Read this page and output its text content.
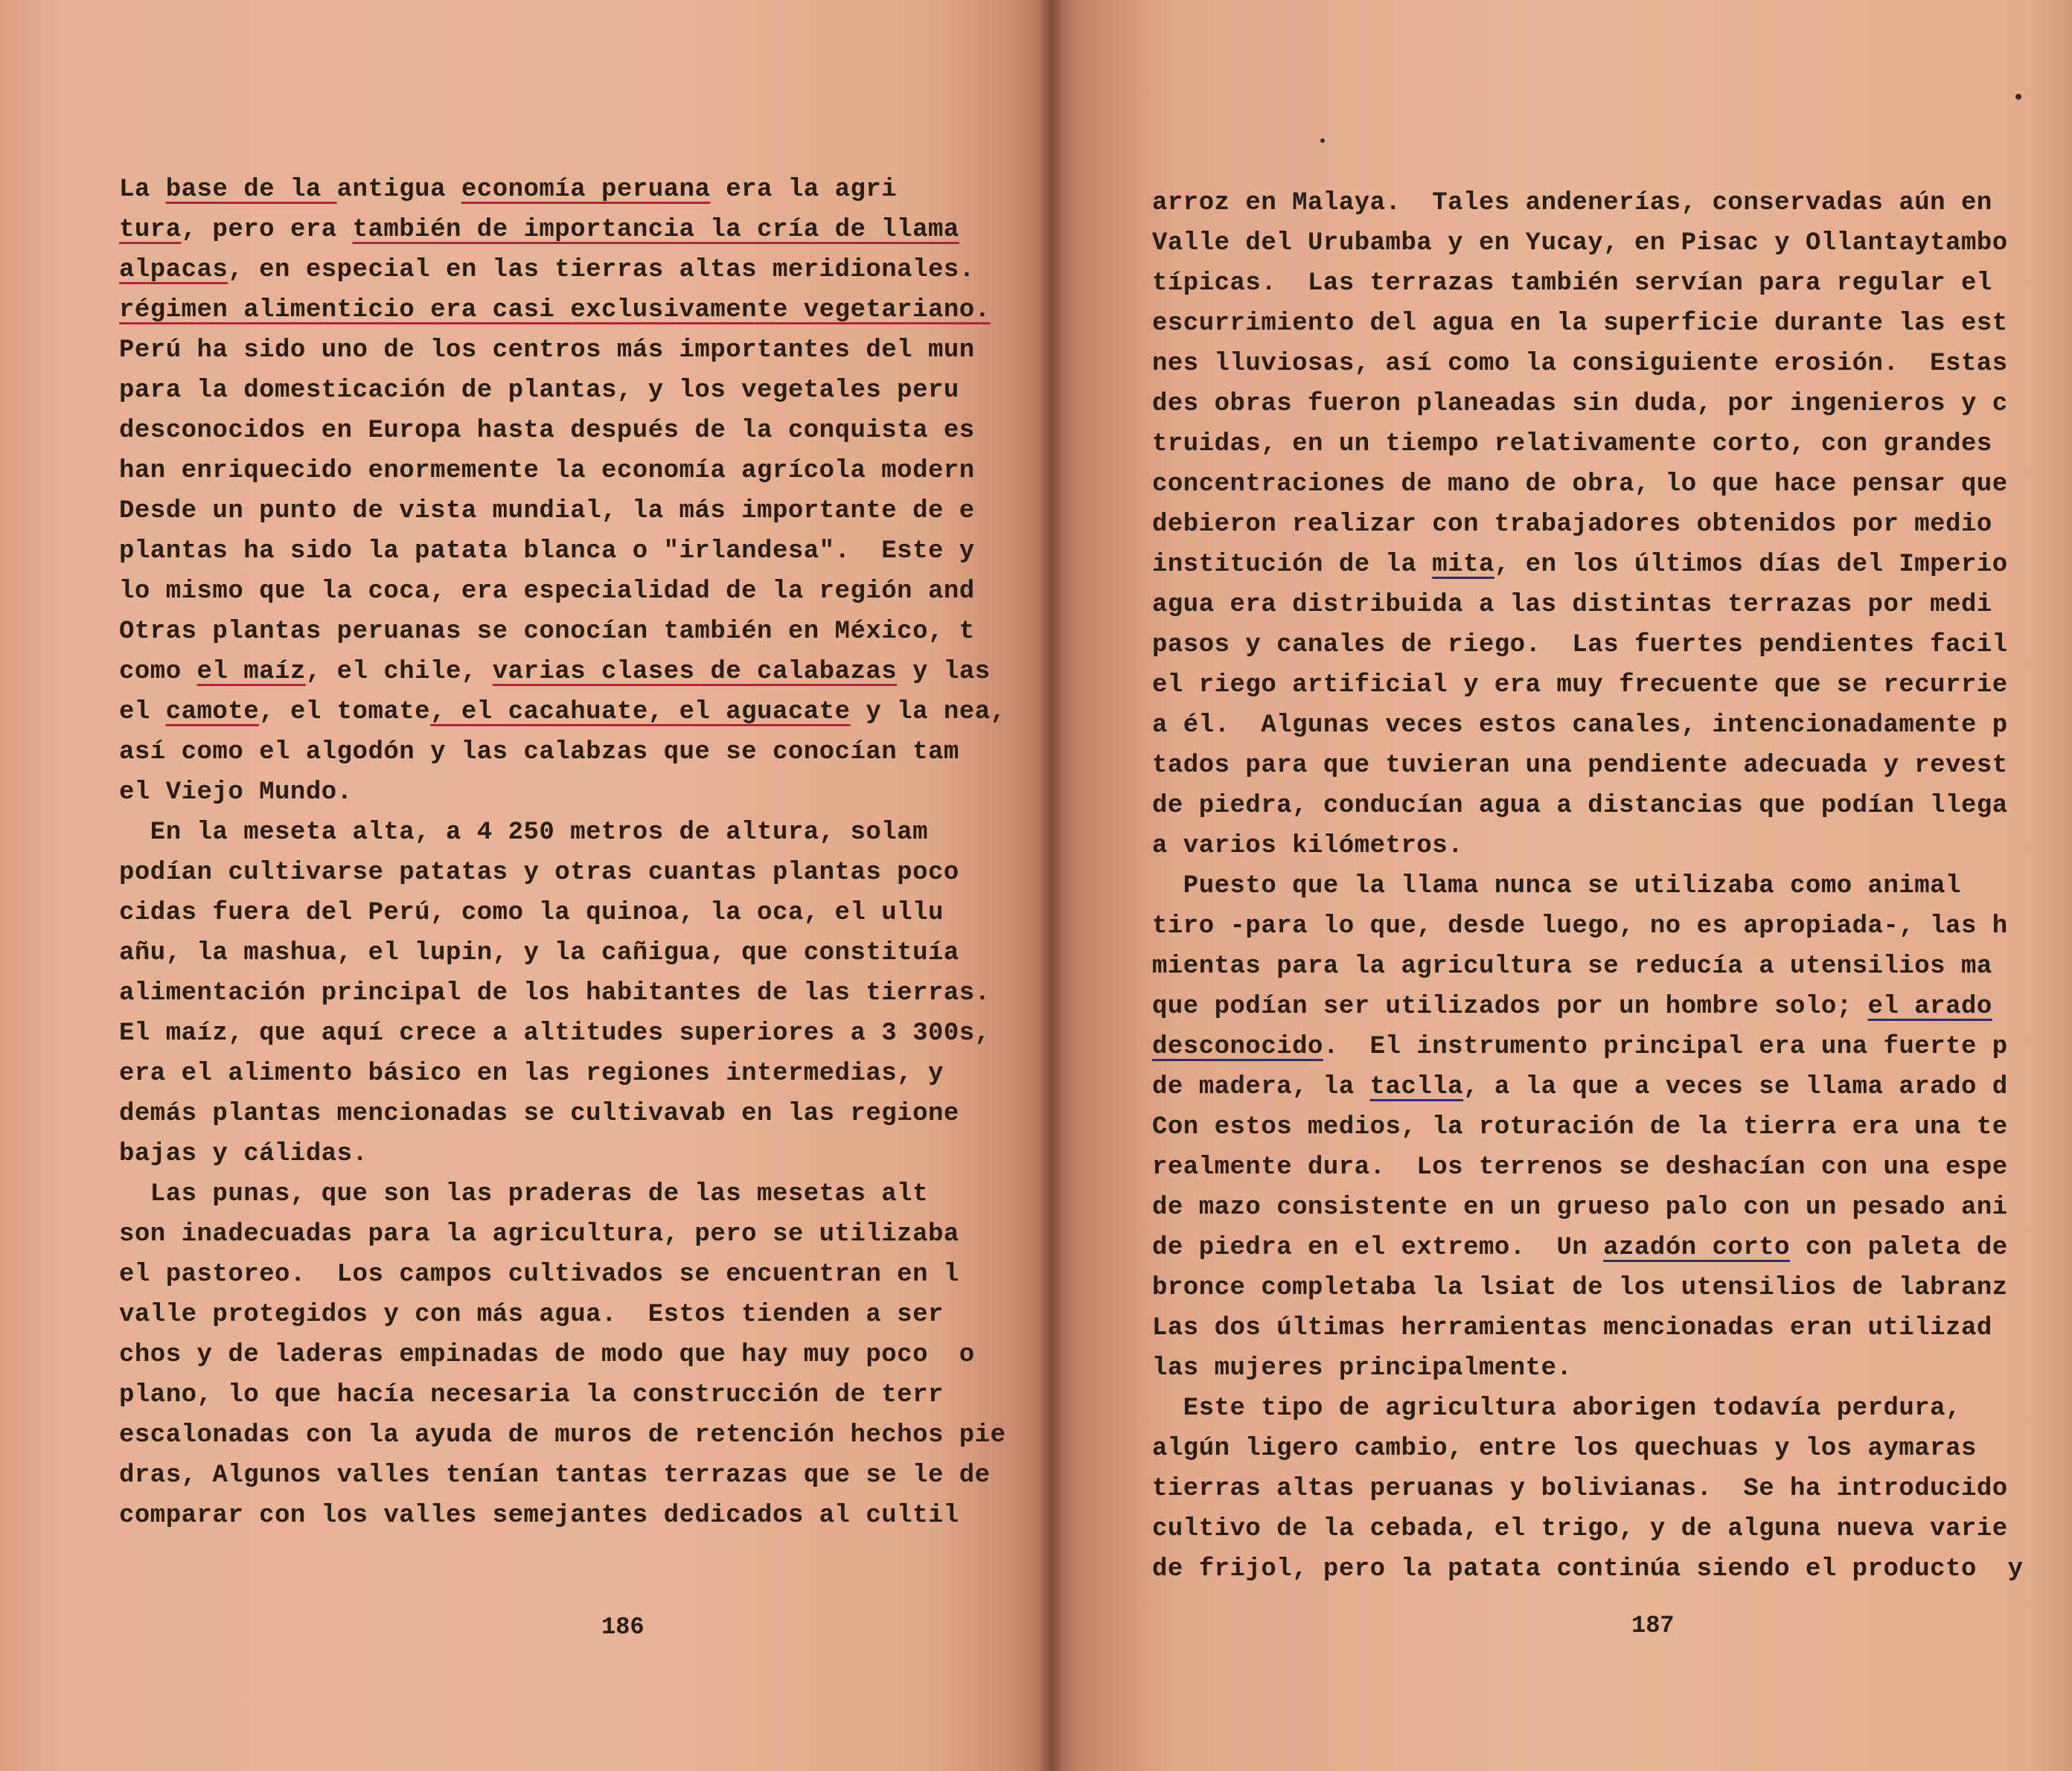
La base de la antigua economía peruana era la agri
tura, pero era también de importancia la cría de llama
alpacas, en especial en las tierras altas meridionales.
régimen alimenticio era casi exclusivamente vegetariano.
Perú ha sido uno de los centros más importantes del mun
para la domesticación de plantas, y los vegetales peru
desconocidos en Europa hasta después de la conquista es
han enriquecido enormemente la economía agrícola modern
Desde un punto de vista mundial, la más importante de e
plantas ha sido la patata blanca o "irlandesa".  Este y
lo mismo que la coca, era especialidad de la región and
Otras plantas peruanas se conocían también en México, t
como el maíz, el chile, varias clases de calabazas y las
el camote, el tomate, el cacahuate, el aguacate y la nea,
así como el algodón y las calabzas que se conocían tam
el Viejo Mundo.
En la meseta alta, a 4 250 metros de altura, solam
podían cultivarse patatas y otras cuantas plantas poco
cidas fuera del Perú, como la quinoa, la oca, el ullu
añu, la mashua, el lupin, y la cañigua, que constituía
alimentación principal de los habitantes de las tierras.
El maíz, que aquí crece a altitudes superiores a 3 300s,
era el alimento básico en las regiones intermedias, y
demás plantas mencionadas se cultivavab en las regione
bajas y cálidas.
Las punas, que son las praderas de las mesetas alt
son inadecuadas para la agricultura, pero se utilizaba
el pastoreo.  Los campos cultivados se encuentran en l
valle protegidos y con más agua.  Estos tienden a ser
chos y de laderas empinadas de modo que hay muy poco  o
plano, lo que hacía necesaria la construcción de terr
escalonadas con la ayuda de muros de retención hechos pie
dras, Algunos valles tenían tantas terrazas que se le de
comparar con los valles semejantes dedicados al cultil
186
arroz en Malaya.  Tales andenerías, conservadas aún en
Valle del Urubamba y en Yucay, en Pisac y Ollantaytambo
típicas.  Las terrazas también servían para regular el
escurrimiento del agua en la superficie durante las est
nes lluviosas, así como la consiguiente erosión.  Estas
des obras fueron planeadas sin duda, por ingenieros y c
truidas, en un tiempo relativamente corto, con grandes
concentraciones de mano de obra, lo que hace pensar que
debieron realizar con trabajadores obtenidos por medio
institución de la mita, en los últimos días del Imperio
agua era distribuida a las distintas terrazas por medi
pasos y canales de riego.  Las fuertes pendientes facil
el riego artificial y era muy frecuente que se recurrie
a él.  Algunas veces estos canales, intencionadamente p
tados para que tuvieran una pendiente adecuada y revest
de piedra, conducían agua a distancias que podían llega
a varios kilómetros.
Puesto que la llama nunca se utilizaba como animal
tiro -para lo que, desde luego, no es apropiada-, las h
mientas para la agricultura se reducía a utensilios ma
que podían ser utilizados por un hombre solo; el arado
desconocido.  El instrumento principal era una fuerte p
de madera, la taclla, a la que a veces se llama arado d
Con estos medios, la roturación de la tierra era una te
realmente dura.  Los terrenos se deshacían con una espe
de mazo consistente en un grueso palo con un pesado ani
de piedra en el extremo.  Un azadón corto con paleta de
bronce completaba la lsiat de los utensilios de labranz
Las dos últimas herramientas mencionadas eran utilizad
las mujeres principalmente.
Este tipo de agricultura aborigen todavía perdura,
algún ligero cambio, entre los quechuas y los aymaras
tierras altas peruanas y bolivianas.  Se ha introducido
cultivo de la cebada, el trigo, y de alguna nueva varie
de frijol, pero la patata continúa siendo el producto  y
187
